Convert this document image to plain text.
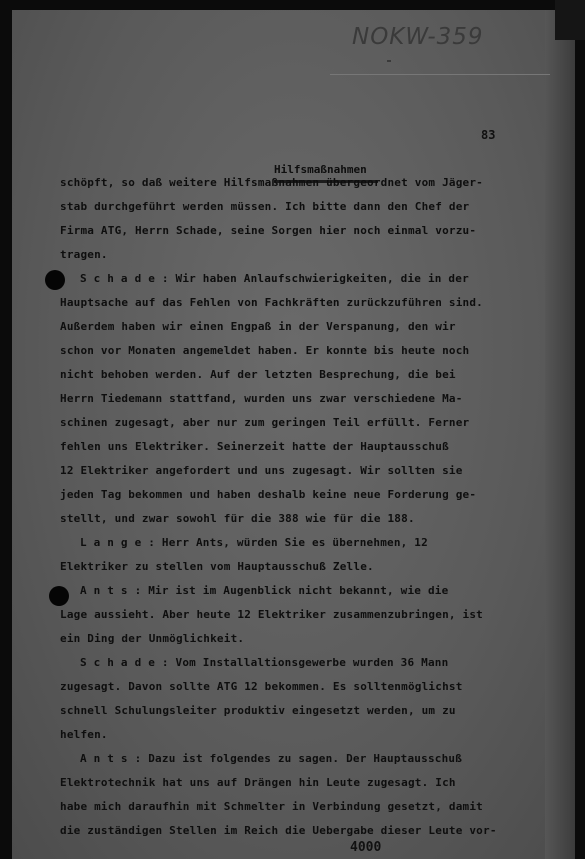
NOKW-359
83
Hilfsmaßnahmen
schöpft, so daß weitere Hilfsmaßnahmen übergeordnet vom Jäger-
stab durchgeführt werden müssen. Ich bitte dann den Chef der
Firma ATG, Herrn Schade, seine Sorgen hier noch einmal vorzu-
tragen.
S c h a d e : Wir haben Anlaufschwierigkeiten, die in der
Hauptsache auf das Fehlen von Fachkräften zurückzuführen sind.
Außerdem haben wir einen Engpaß in der Verspanung, den wir
schon vor Monaten angemeldet haben. Er konnte bis heute noch
nicht behoben werden. Auf der letzten Besprechung, die bei
Herrn Tiedemann stattfand, wurden uns zwar verschiedene Ma-
schinen zugesagt, aber nur zum geringen Teil erfüllt. Ferner
fehlen uns Elektriker. Seinerzeit hatte der Hauptausschuß
12 Elektriker angefordert und uns zugesagt. Wir sollten sie
jeden Tag bekommen und haben deshalb keine neue Forderung ge-
stellt, und zwar sowohl für die 388 wie für die 188.
L a n g e : Herr Ants, würden Sie es übernehmen, 12
Elektriker zu stellen vom Hauptausschuß Zelle.
A n t s : Mir ist im Augenblick nicht bekannt, wie die
Lage aussieht. Aber heute 12 Elektriker zusammenzubringen, ist
ein Ding der Unmöglichkeit.
S c h a d e : Vom Installaltionsgewerbe wurden 36 Mann
zugesagt. Davon sollte ATG 12 bekommen. Es solltenmöglichst
schnell Schulungsleiter produktiv eingesetzt werden, um zu
helfen.
A n t s : Dazu ist folgendes zu sagen. Der Hauptausschuß
Elektrotechnik hat uns auf Drängen hin Leute zugesagt. Ich
habe mich daraufhin mit Schmelter in Verbindung gesetzt, damit
die zuständigen Stellen im Reich die Uebergabe dieser Leute vor-
4000
